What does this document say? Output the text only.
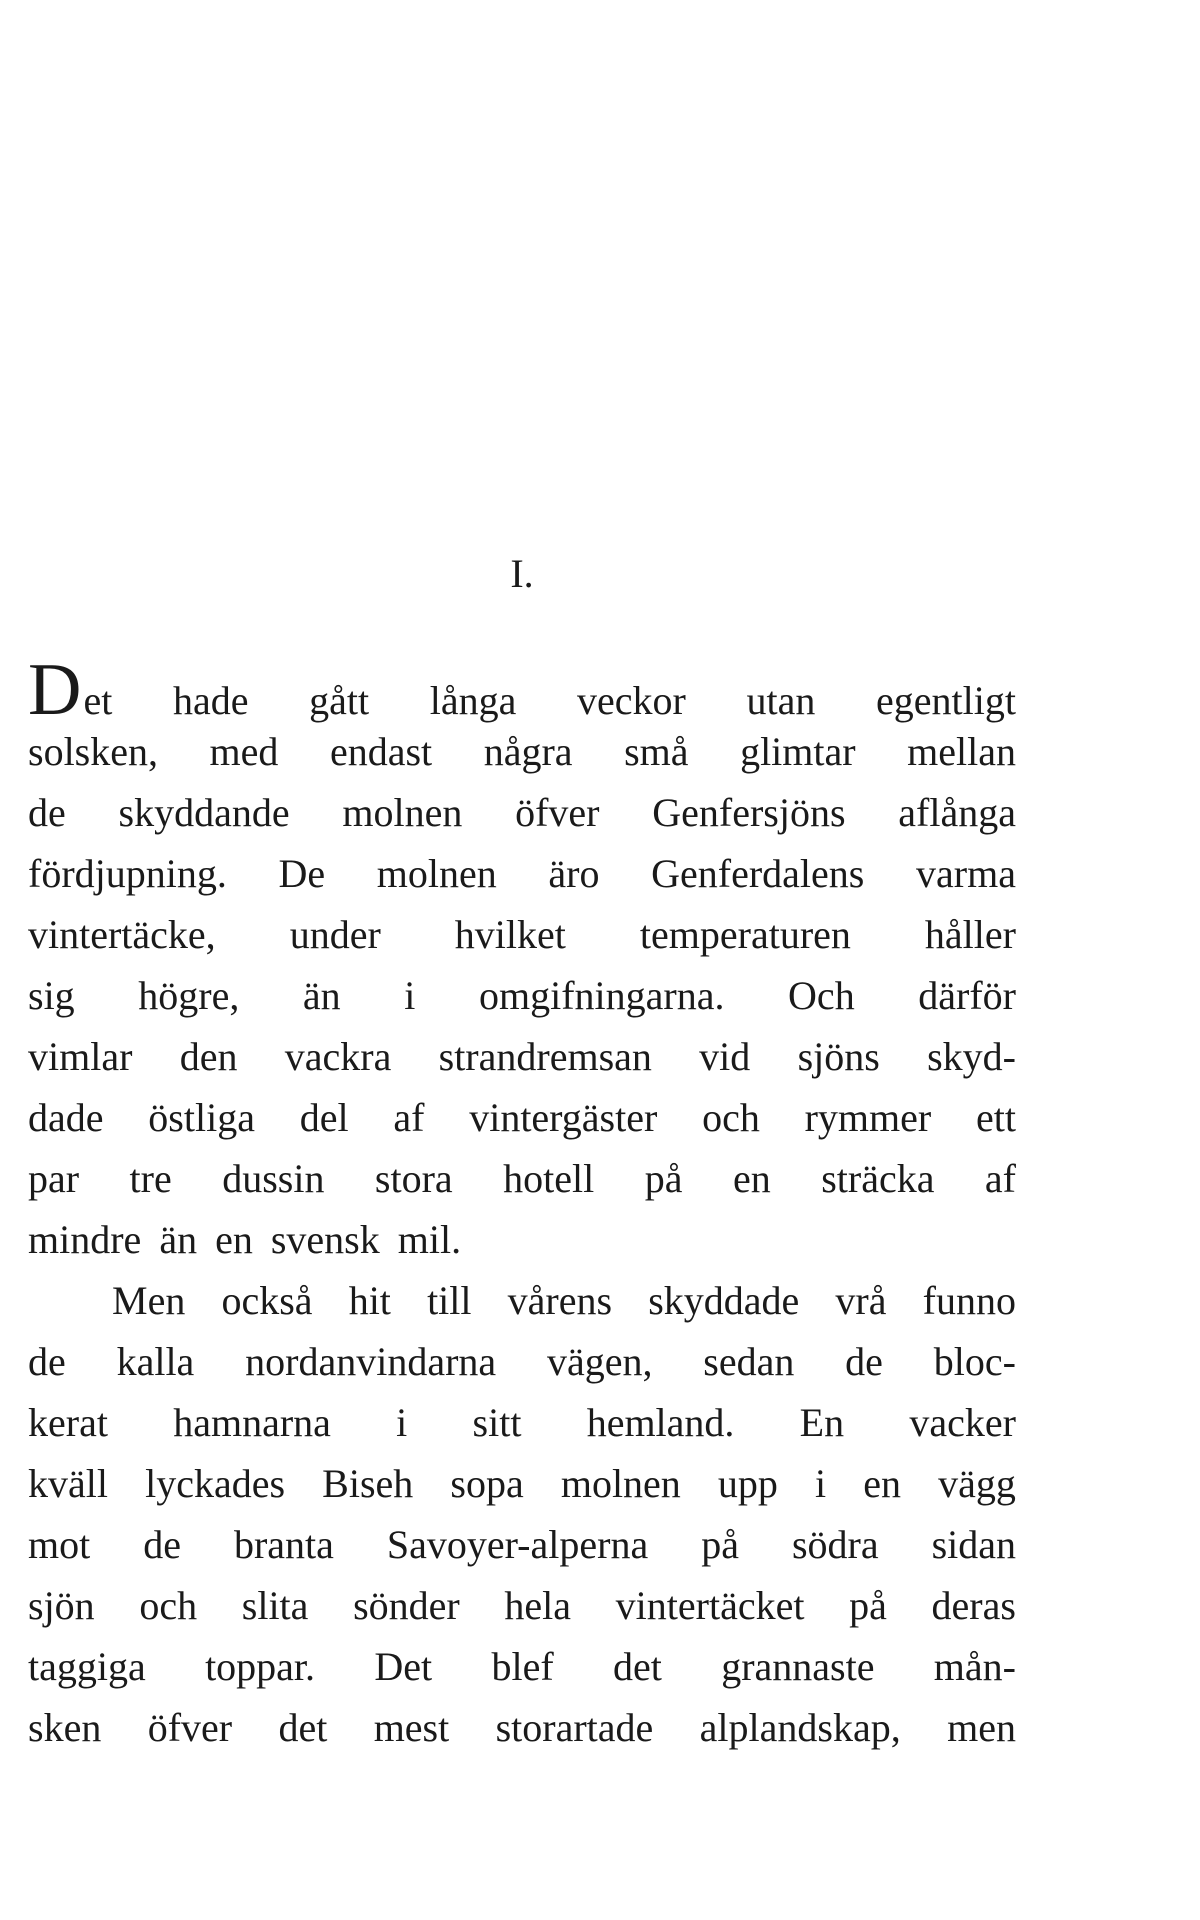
I.
D et hade gått långa veckor utan egentligt
solsken, med endast några små glimtar mellan
de skyddande molnen öfver Genfersjöns aflånga
fördjupning. De molnen äro Genferdalens varma
vintertäcke, under hvilket temperaturen håller
sig högre, än i omgifningarna. Och därför
vimlar den vackra strandremsan vid sjöns skyd-
dade östliga del af vintergäster och rymmer ett
par tre dussin stora hotell på en sträcka af
mindre än en svensk mil.
Men också hit till vårens skyddade vrå funno
de kalla nordanvindarna vägen, sedan de bloc-
kerat hamnarna i sitt hemland. En vacker
kväll lyckades Biseh sopa molnen upp i en vägg
mot de branta Savoyer-alperna på södra sidan
sjön och slita sönder hela vintertäcket på deras
taggiga toppar. Det blef det grannaste mån-
sken öfver det mest storartade alplandskap, men
